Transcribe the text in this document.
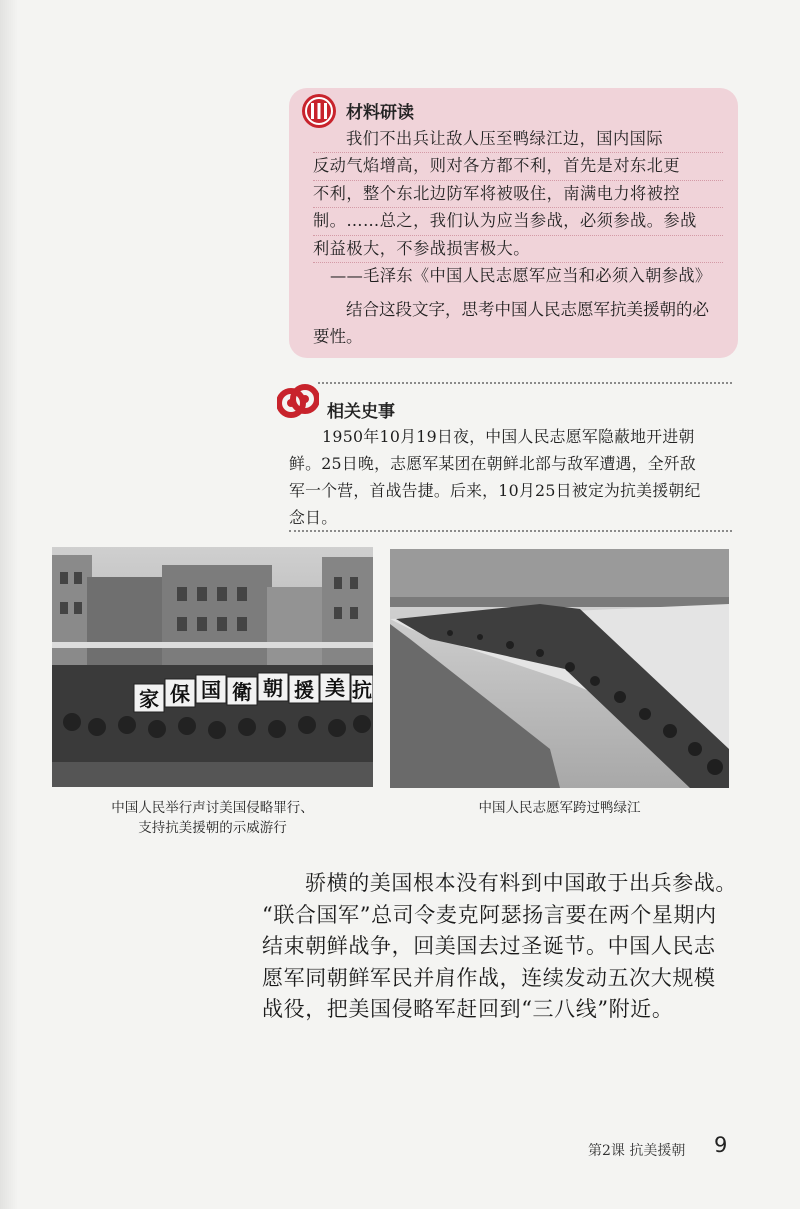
材料研读
我们不出兵让敌人压至鸭绿江边，国内国际
反动气焰增高，则对各方都不利，首先是对东北更
不利，整个东北边防军将被吸住，南满电力将被控
制。……总之，我们认为应当参战，必须参战。参战
利益极大，不参战损害极大。
——毛泽东《中国人民志愿军应当和必须入朝参战》
结合这段文字，思考中国人民志愿军抗美援朝的必要性。
相关史事
1950年10月19日夜，中国人民志愿军隐蔽地开进朝
鲜。25日晚，志愿军某团在朝鲜北部与敌军遭遇，全歼敌
军一个营，首战告捷。后来，10月25日被定为抗美援朝纪
念日。
家 保 国 衛 朝 援 美 抗
中国人民举行声讨美国侵略罪行、
支持抗美援朝的示威游行
中国人民志愿军跨过鸭绿江
骄横的美国根本没有料到中国敢于出兵参战。
“联合国军”总司令麦克阿瑟扬言要在两个星期内
结束朝鲜战争，回美国去过圣诞节。中国人民志
愿军同朝鲜军民并肩作战，连续发动五次大规模
战役，把美国侵略军赶回到“三八线”附近。
第2课 抗美援朝 9
